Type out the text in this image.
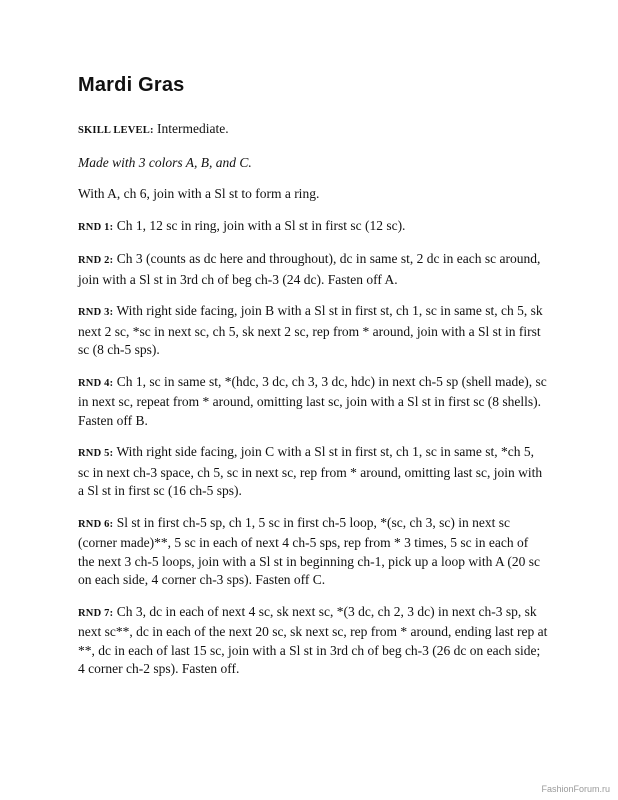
Mardi Gras

SKILL LEVEL: Intermediate.

Made with 3 colors A, B, and C.

With A, ch 6, join with a Sl st to form a ring.

RND 1: Ch 1, 12 sc in ring, join with a Sl st in first sc (12 sc).

RND 2: Ch 3 (counts as dc here and throughout), dc in same st, 2 dc in each sc around, join with a Sl st in 3rd ch of beg ch-3 (24 dc). Fasten off A.

RND 3: With right side facing, join B with a Sl st in first st, ch 1, sc in same st, ch 5, sk next 2 sc, *sc in next sc, ch 5, sk next 2 sc, rep from * around, join with a Sl st in first sc (8 ch-5 sps).

RND 4: Ch 1, sc in same st, *(hdc, 3 dc, ch 3, 3 dc, hdc) in next ch-5 sp (shell made), sc in next sc, repeat from * around, omitting last sc, join with a Sl st in first sc (8 shells). Fasten off B.

RND 5: With right side facing, join C with a Sl st in first st, ch 1, sc in same st, *ch 5, sc in next ch-3 space, ch 5, sc in next sc, rep from * around, omitting last sc, join with a Sl st in first sc (16 ch-5 sps).

RND 6: Sl st in first ch-5 sp, ch 1, 5 sc in first ch-5 loop, *(sc, ch 3, sc) in next sc (corner made)**, 5 sc in each of next 4 ch-5 sps, rep from * 3 times, 5 sc in each of the next 3 ch-5 loops, join with a Sl st in beginning ch-1, pick up a loop with A (20 sc on each side, 4 corner ch-3 sps). Fasten off C.

RND 7: Ch 3, dc in each of next 4 sc, sk next sc, *(3 dc, ch 2, 3 dc) in next ch-3 sp, sk next sc**, dc in each of the next 20 sc, sk next sc, rep from * around, ending last rep at **, dc in each of last 15 sc, join with a Sl st in 3rd ch of beg ch-3 (26 dc on each side; 4 corner ch-2 sps). Fasten off.

FashionForum.ru
